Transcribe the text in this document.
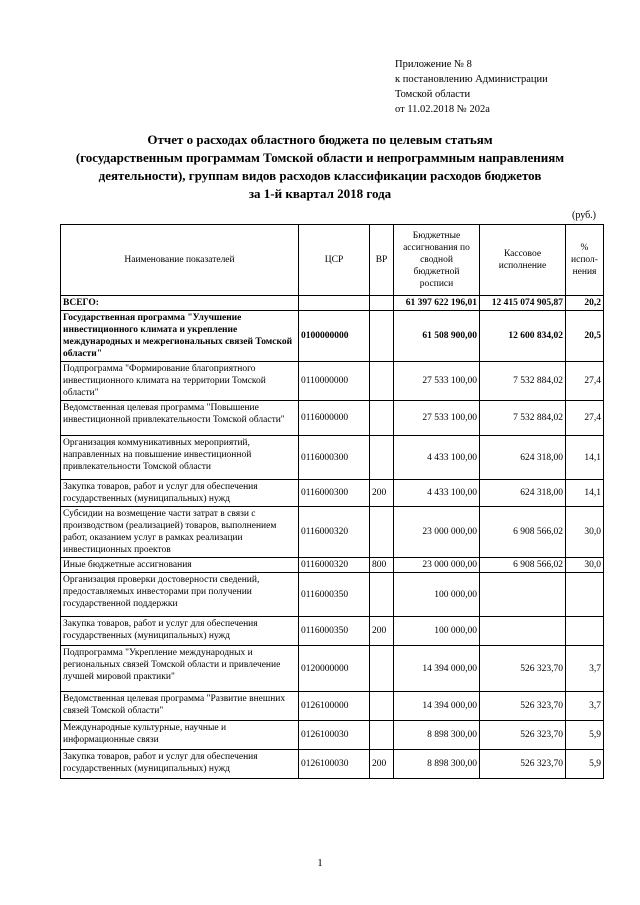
Приложение № 8
к постановлению Администрации
Томской области
от 11.02.2018 № 202а
Отчет о расходах областного бюджета по целевым статьям
(государственным программам Томской области и непрограммным направлениям
деятельности), группам видов расходов классификации расходов бюджетов
за 1-й квартал 2018 года
(руб.)
Наименование показателей	ЦСР	ВР	Бюджетные ассигнования по сводной бюджетной росписи	Кассовое исполнение	% испол-нения
ВСЕГО:			61 397 622 196,01	12 415 074 905,87	20,2
Государственная программа "Улучшение инвестиционного климата и укрепление международных и межрегиональных связей Томской области"	0100000000		61 508 900,00	12 600 834,02	20,5
Подпрограмма "Формирование благоприятного инвестиционного климата на территории Томской области"	0110000000		27 533 100,00	7 532 884,02	27,4
Ведомственная целевая программа "Повышение инвестиционной привлекательности Томской области"	0116000000		27 533 100,00	7 532 884,02	27,4
Организация коммуникативных мероприятий, направленных на повышение инвестиционной привлекательности Томской области	0116000300		4 433 100,00	624 318,00	14,1
Закупка товаров, работ и услуг для обеспечения государственных (муниципальных) нужд	0116000300	200	4 433 100,00	624 318,00	14,1
Субсидии на возмещение части затрат в связи с производством (реализацией) товаров, выполнением работ, оказанием услуг в рамках реализации инвестиционных проектов	0116000320		23 000 000,00	6 908 566,02	30,0
Иные бюджетные ассигнования	0116000320	800	23 000 000,00	6 908 566,02	30,0
Организация проверки достоверности сведений, предоставляемых инвесторами при получении государственной поддержки	0116000350		100 000,00		
Закупка товаров, работ и услуг для обеспечения государственных (муниципальных) нужд	0116000350	200	100 000,00		
Подпрограмма "Укрепление международных и региональных связей Томской области и привлечение лучшей мировой практики"	0120000000		14 394 000,00	526 323,70	3,7
Ведомственная целевая программа "Развитие внешних связей Томской области"	0126100000		14 394 000,00	526 323,70	3,7
Международные культурные, научные и информационные связи	0126100030		8 898 300,00	526 323,70	5,9
Закупка товаров, работ и услуг для обеспечения государственных (муниципальных) нужд	0126100030	200	8 898 300,00	526 323,70	5,9
1
